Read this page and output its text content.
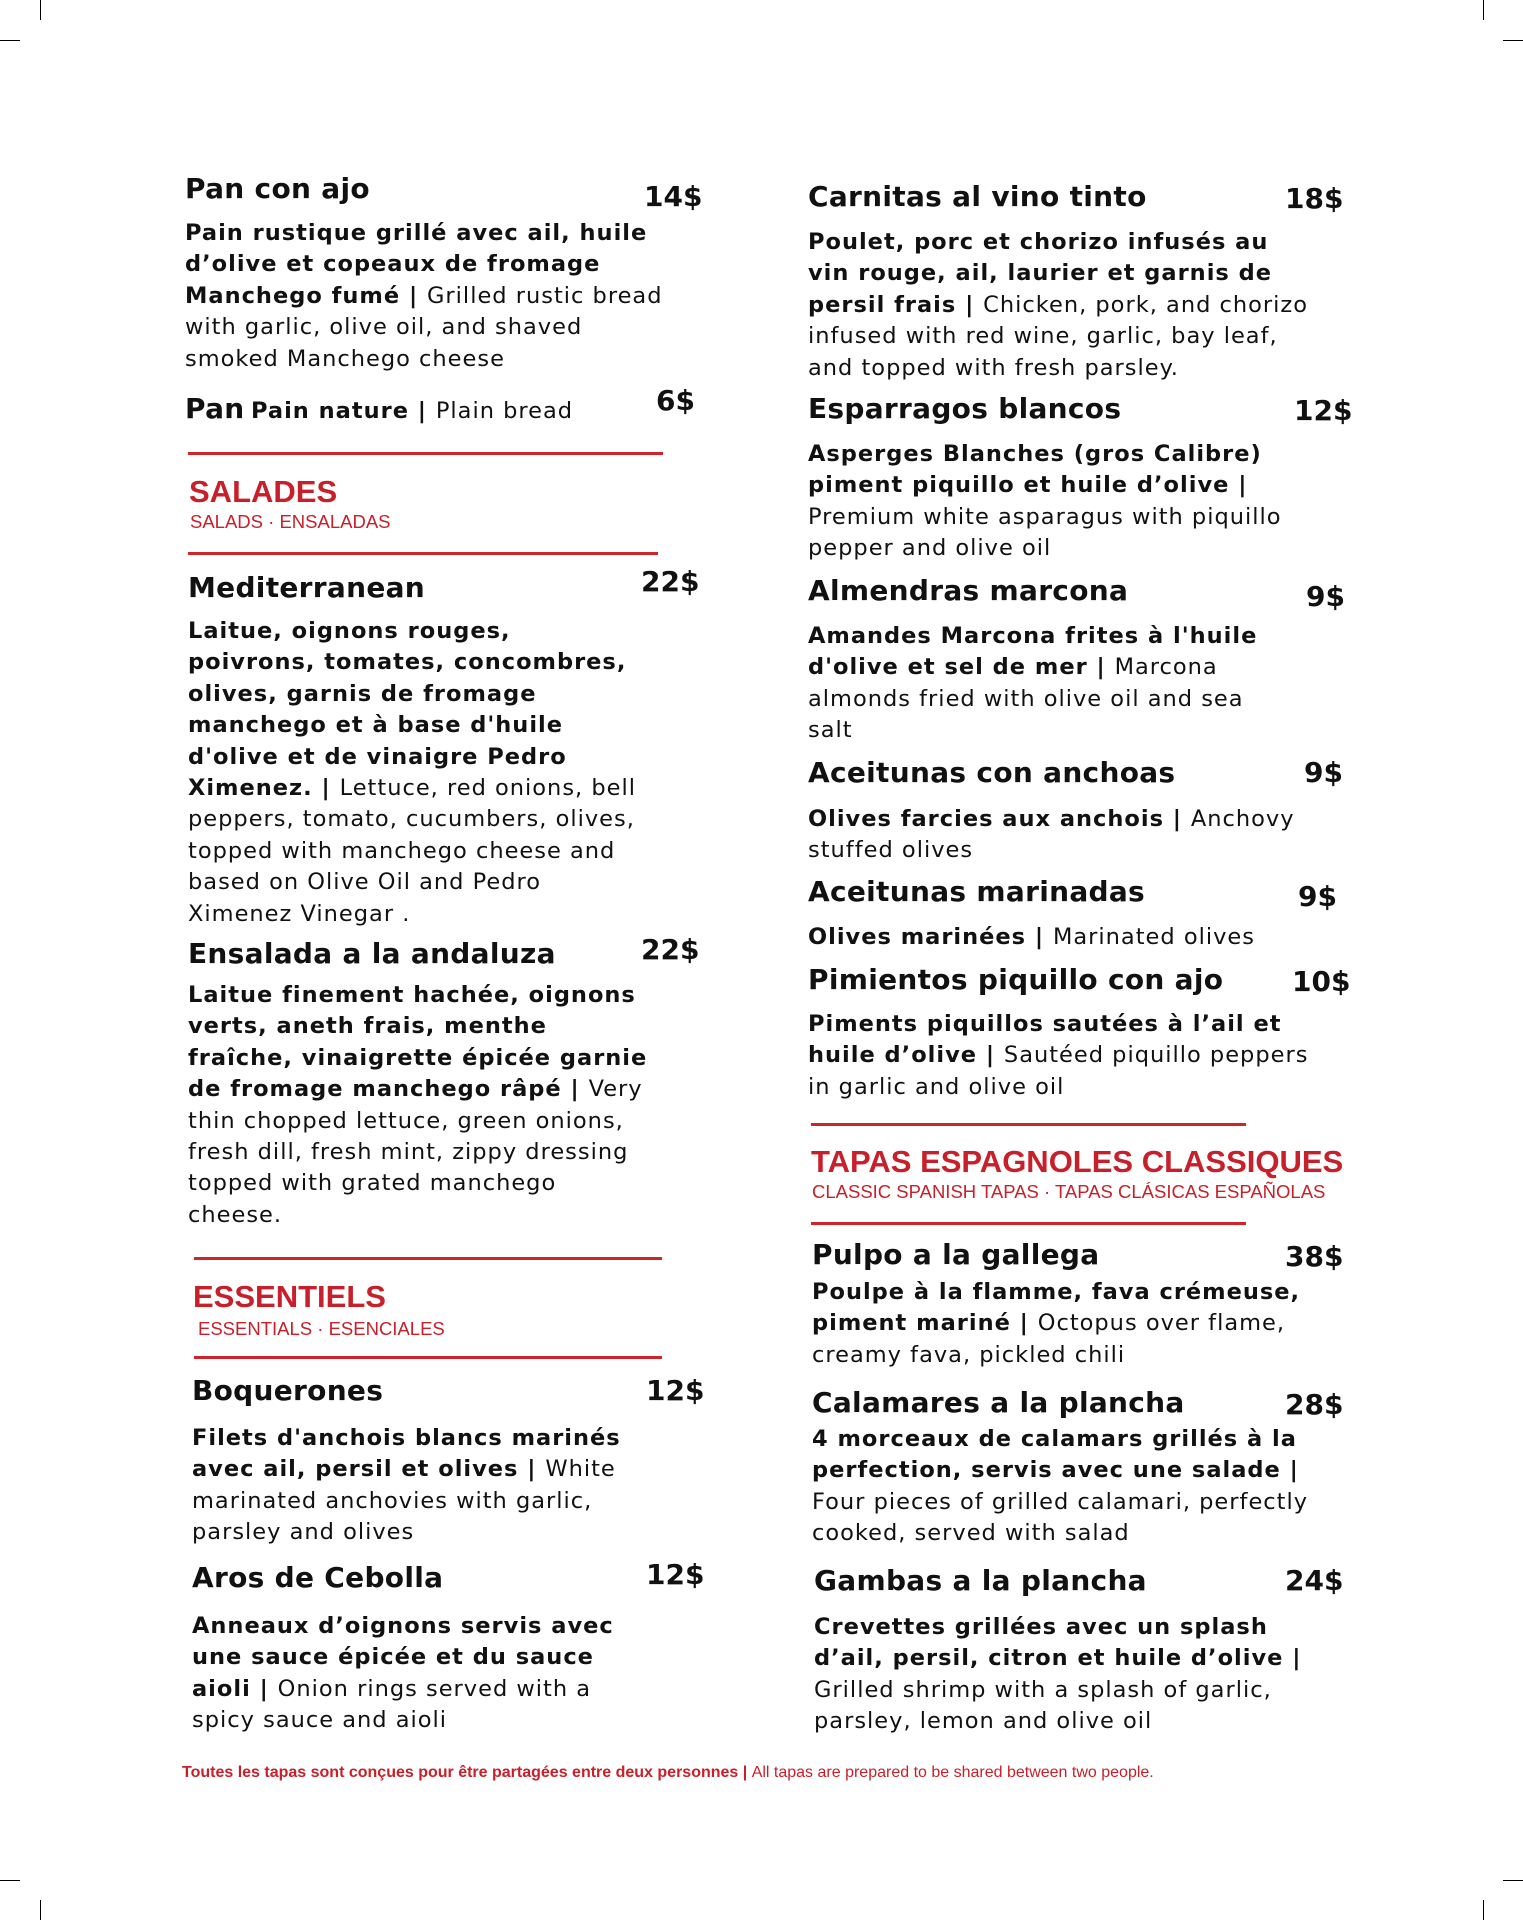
Pan con ajo	14$
Pain rustique grillé avec ail, huile d’olive et copeaux de fromage Manchego fumé | Grilled rustic bread with garlic, olive oil, and shaved smoked Manchego cheese
Pan Pain nature | Plain bread	6$
SALADES
SALADS · ENSALADAS
Mediterranean	22$
Laitue, oignons rouges, poivrons, tomates, concombres, olives, garnis de fromage manchego et à base d'huile d'olive et de vinaigre Pedro Ximenez. | Lettuce, red onions, bell peppers, tomato, cucumbers, olives, topped with manchego cheese and based on Olive Oil and Pedro Ximenez Vinegar .
Ensalada a la andaluza	22$
Laitue finement hachée, oignons verts, aneth frais, menthe fraîche, vinaigrette épicée garnie de fromage manchego râpé | Very thin chopped lettuce, green onions, fresh dill, fresh mint, zippy dressing topped with grated manchego cheese.
ESSENTIELS
ESSENTIALS · ESENCIALES
Boquerones	12$
Filets d'anchois blancs marinés avec ail, persil et olives | White marinated anchovies with garlic, parsley and olives
Aros de Cebolla	12$
Anneaux d’oignons servis avec une sauce épicée et du sauce aioli | Onion rings served with a spicy sauce and aioli
Carnitas al vino tinto	18$
Poulet, porc et chorizo infusés au vin rouge, ail, laurier et garnis de persil frais | Chicken, pork, and chorizo infused with red wine, garlic, bay leaf, and topped with fresh parsley.
Esparragos blancos	12$
Asperges Blanches (gros Calibre) piment piquillo et huile d’olive | Premium white asparagus with piquillo pepper and olive oil
Almendras marcona	9$
Amandes Marcona frites à l'huile d'olive et sel de mer | Marcona almonds fried with olive oil and sea salt
Aceitunas con anchoas	9$
Olives farcies aux anchois | Anchovy stuffed olives
Aceitunas marinadas	9$
Olives marinées | Marinated olives
Pimientos piquillo con ajo 10$
Piments piquillos sautées à l’ail et huile d’olive | Sautéed piquillo peppers in garlic and olive oil
TAPAS ESPAGNOLES CLASSIQUES
CLASSIC SPANISH TAPAS · TAPAS CLÁSICAS ESPAÑOLAS
Pulpo a la gallega	38$
Poulpe à la flamme, fava crémeuse, piment mariné | Octopus over flame, creamy fava, pickled chili
Calamares a la plancha	28$
4 morceaux de calamars grillés à la perfection, servis avec une salade | Four pieces of grilled calamari, perfectly cooked, served with salad
Gambas a la plancha	24$
Crevettes grillées avec un splash d’ail, persil, citron et huile d’olive | Grilled shrimp with a splash of garlic, parsley, lemon and olive oil
Toutes les tapas sont conçues pour être partagées entre deux personnes | All tapas are prepared to be shared between two people.
